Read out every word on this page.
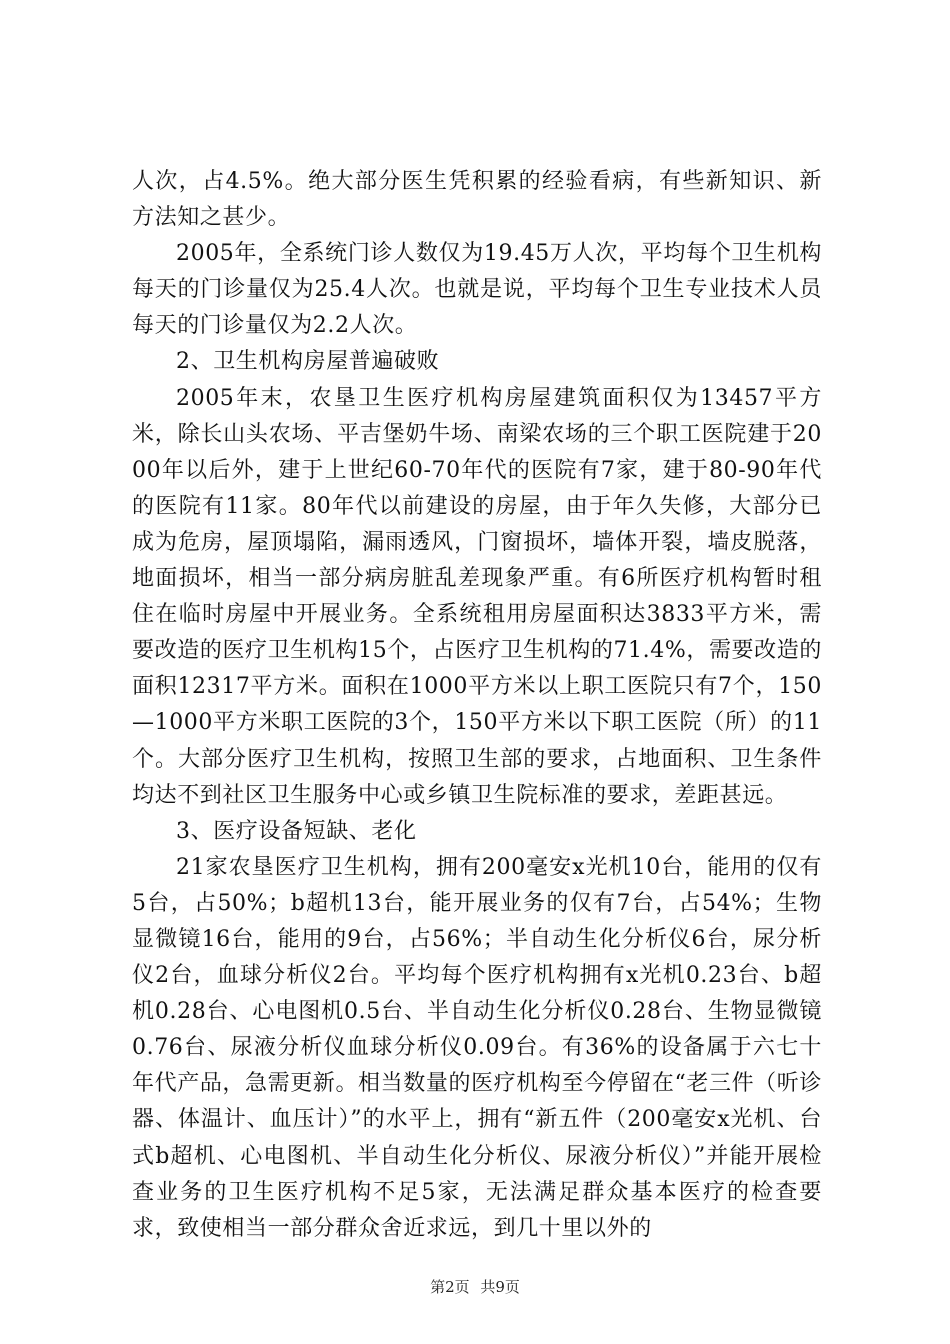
人次，占4.5%。绝大部分医生凭积累的经验看病，有些新知识、新方法知之甚少。

2005年，全系统门诊人数仅为19.45万人次，平均每个卫生机构每天的门诊量仅为25.4人次。也就是说，平均每个卫生专业技术人员每天的门诊量仅为2.2人次。

2、卫生机构房屋普遍破败

2005年末，农垦卫生医疗机构房屋建筑面积仅为13457平方米，除长山头农场、平吉堡奶牛场、南梁农场的三个职工医院建于2000年以后外，建于上世纪60-70年代的医院有7家，建于80-90年代的医院有11家。80年代以前建设的房屋，由于年久失修，大部分已成为危房，屋顶塌陷，漏雨透风，门窗损坏，墙体开裂，墙皮脱落，地面损坏，相当一部分病房脏乱差现象严重。有6所医疗机构暂时租住在临时房屋中开展业务。全系统租用房屋面积达3833平方米，需要改造的医疗卫生机构15个，占医疗卫生机构的71.4%，需要改造的面积12317平方米。面积在1000平方米以上职工医院只有7个，150—1000平方米职工医院的3个，150平方米以下职工医院（所）的11个。大部分医疗卫生机构，按照卫生部的要求，占地面积、卫生条件均达不到社区卫生服务中心或乡镇卫生院标准的要求，差距甚远。

3、医疗设备短缺、老化

21家农垦医疗卫生机构，拥有200毫安x光机10台，能用的仅有5台，占50%；b超机13台，能开展业务的仅有7台，占54%；生物显微镜16台，能用的9台，占56%；半自动生化分析仪6台，尿分析仪2台，血球分析仪2台。平均每个医疗机构拥有x光机0.23台、b超机0.28台、心电图机0.5台、半自动生化分析仪0.28台、生物显微镜0.76台、尿液分析仪血球分析仪0.09台。有36%的设备属于六七十年代产品，急需更新。相当数量的医疗机构至今停留在“老三件（听诊器、体温计、血压计）”的水平上，拥有“新五件（200毫安x光机、台式b超机、心电图机、半自动生化分析仪、尿液分析仪）”并能开展检查业务的卫生医疗机构不足5家，无法满足群众基本医疗的检查要求，致使相当一部分群众舍近求远，到几十里以外的

第2页 共9页
